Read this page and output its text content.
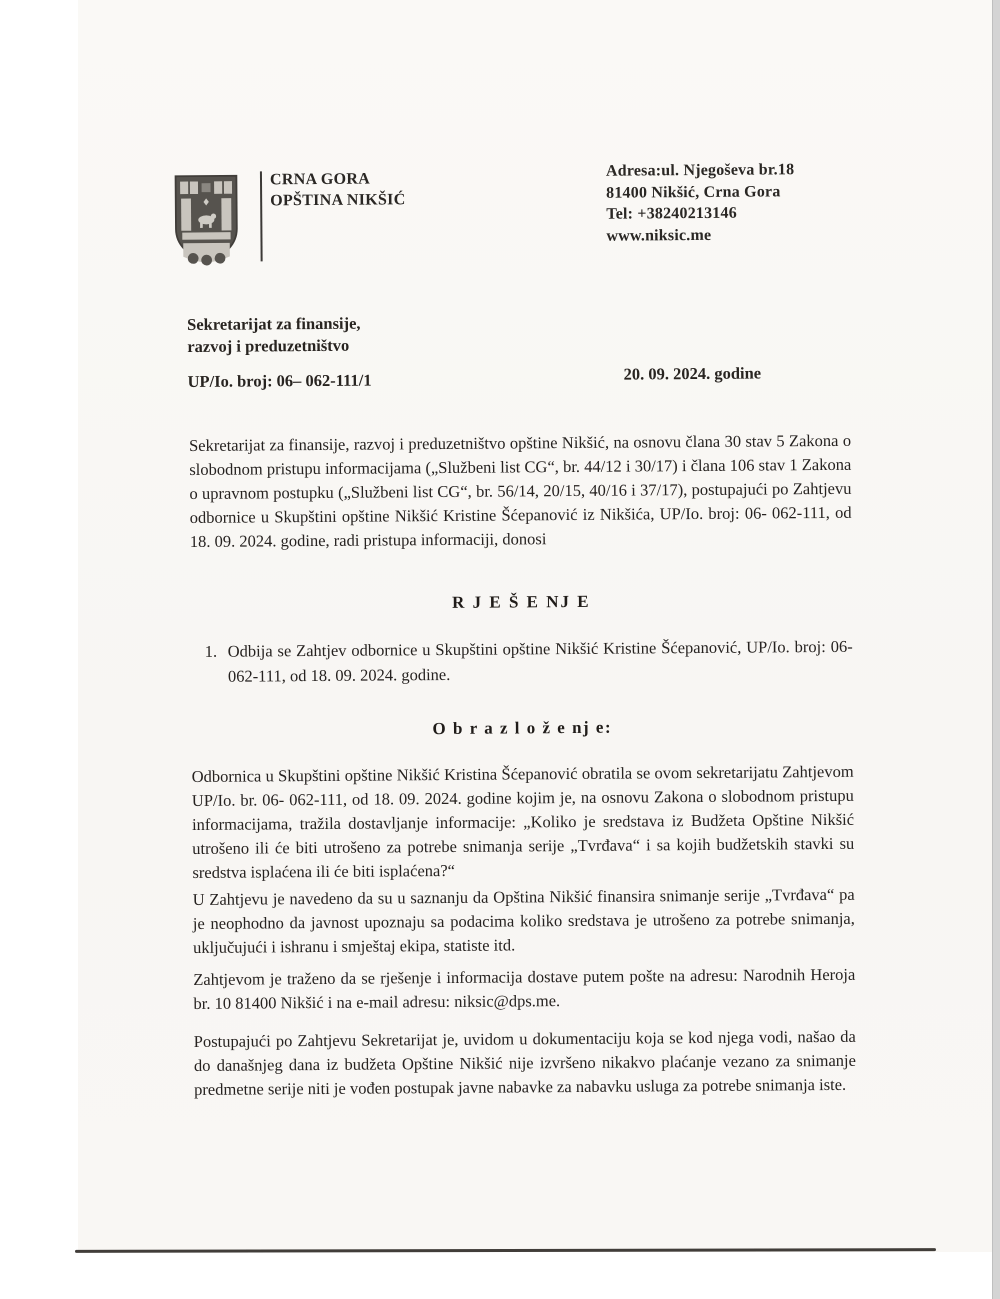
CRNA GORA
OPŠTINA NIKŠIĆ
Adresa:ul. Njegoševa br.18
81400 Nikšić, Crna Gora
Tel: +38240213146
www.niksic.me
Sekretarijat za finansije,
razvoj i preduzetništvo
UP/Io. broj: 06– 062-111/1	20. 09. 2024. godine
Sekretarijat za finansije, razvoj i preduzetništvo opštine Nikšić, na osnovu člana 30 stav 5 Zakona o slobodnom pristupu informacijama („Službeni list CG“, br. 44/12 i 30/17) i člana 106 stav 1 Zakona o upravnom postupku („Službeni list CG“, br. 56/14, 20/15, 40/16 i 37/17), postupajući po Zahtjevu odbornice u Skupštini opštine Nikšić Kristine Šćepanović iz Nikšića, UP/Io. broj: 06- 062-111, od 18. 09. 2024. godine, radi pristupa informaciji, donosi
R J E Š E NJ E
1. Odbija se Zahtjev odbornice u Skupštini opštine Nikšić Kristine Šćepanović, UP/Io. broj: 06- 062-111, od 18. 09. 2024. godine.
O b r a z l o ž e nj e:
Odbornica u Skupštini opštine Nikšić Kristina Šćepanović obratila se ovom sekretarijatu Zahtjevom UP/Io. br. 06- 062-111, od 18. 09. 2024. godine kojim je, na osnovu Zakona o slobodnom pristupu informacijama, tražila dostavljanje informacije: „Koliko je sredstava iz Budžeta Opštine Nikšić utrošeno ili će biti utrošeno za potrebe snimanja serije „Tvrđava“ i sa kojih budžetskih stavki su sredstva isplaćena ili će biti isplaćena?“
U Zahtjevu je navedeno da su u saznanju da Opština Nikšić finansira snimanje serije „Tvrđava“ pa je neophodno da javnost upoznaju sa podacima koliko sredstava je utrošeno za potrebe snimanja, uključujući i ishranu i smještaj ekipa, statiste itd.
Zahtjevom je traženo da se rješenje i informacija dostave putem pošte na adresu: Narodnih Heroja br. 10 81400 Nikšić i na e-mail adresu: niksic@dps.me.
Postupajući po Zahtjevu Sekretarijat je, uvidom u dokumentaciju koja se kod njega vodi, našao da do današnjeg dana iz budžeta Opštine Nikšić nije izvršeno nikakvo plaćanje vezano za snimanje predmetne serije niti je vođen postupak javne nabavke za nabavku usluga za potrebe snimanja iste.
